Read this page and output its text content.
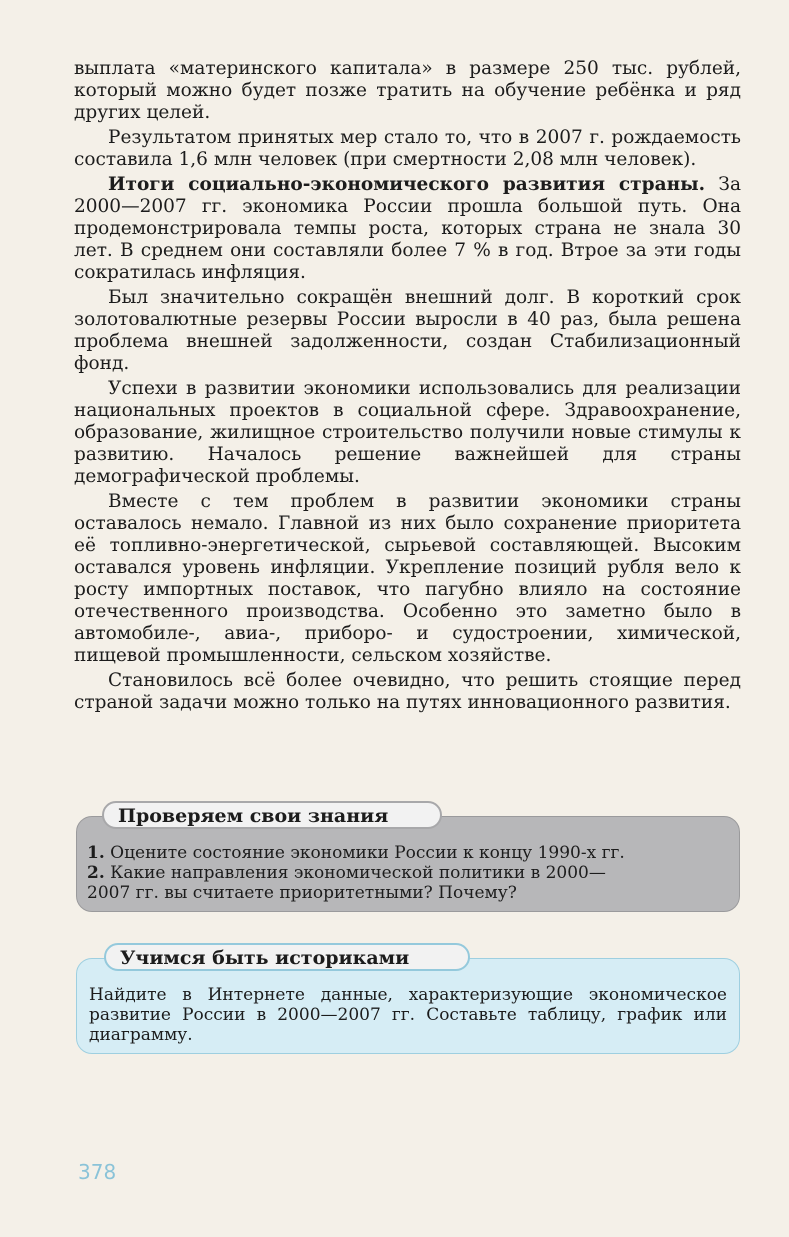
выплата «материнского капитала» в размере 250 тыс. рублей, который можно будет позже тратить на обучение ребёнка и ряд других целей.

Результатом принятых мер стало то, что в 2007 г. рождаемость составила 1,6 млн человек (при смертности 2,08 млн человек).

Итоги социально-экономического развития страны. За 2000—2007 гг. экономика России прошла большой путь. Она продемонстрировала темпы роста, которых страна не знала 30 лет. В среднем они составляли более 7 % в год. Втрое за эти годы сократилась инфляция.

Был значительно сокращён внешний долг. В короткий срок золотовалютные резервы России выросли в 40 раз, была решена проблема внешней задолженности, создан Стабилизационный фонд.

Успехи в развитии экономики использовались для реализации национальных проектов в социальной сфере. Здравоохранение, образование, жилищное строительство получили новые стимулы к развитию. Началось решение важнейшей для страны демографической проблемы.

Вместе с тем проблем в развитии экономики страны оставалось немало. Главной из них было сохранение приоритета её топливно-энергетической, сырьевой составляющей. Высоким оставался уровень инфляции. Укрепление позиций рубля вело к росту импортных поставок, что пагубно влияло на состояние отечественного производства. Особенно это заметно было в автомобиле-, авиа-, приборо- и судостроении, химической, пищевой промышленности, сельском хозяйстве.

Становилось всё более очевидно, что решить стоящие перед страной задачи можно только на путях инновационного развития.

1. Оцените состояние экономики России к концу 1990-х гг.

2. Какие направления экономической политики в 2000—

2007 гг. вы считаете приоритетными? Почему?

Проверяем свои знания

Найдите в Интернете данные, характеризующие экономическое развитие России в 2000—2007 гг. Составьте таблицу, график или диаграмму.

Учимся быть историками
378
